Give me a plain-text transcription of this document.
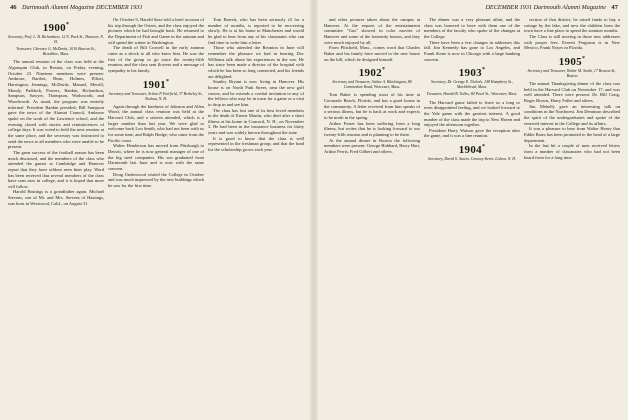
46 Dartmouth Alumni Magazine DECEMBER 1931
1900 *
Secretary, Prof. L. B. Richardson, 12 N. Park St., Hanover, N. H.
Treasurer, Clarence G. McDavitt, 1010 Beacon St., Brookline, Mass.

The annual reunion of the class was held at the Algonquin Club, in Boston, on Friday evening, October 23. Nineteen members were present: Ambrose, Bartlett, Bean, Holmes, Elliott, Harrington, Jennings, McDavitt, Manuel, Merrill, Mondy, Paddock, Powers, Rankin, Richardson, Sampson, Sawyer, Thompson, Wadsworth, and Woodworth. As usual, the program was entirely informal. President Rankin presided; Bill Sampson gave the news of the Alumni Council, Ambrose spoke on the work of the Lawrence school, and the evening closed with stories and reminiscences of college days. It was voted to hold the next reunion at the same place, and the secretary was instructed to send the news to all members who were unable to be present.

The great success of the football season has been much discussed, and the members of the class who attended the games at Cambridge and Hanover report that they have seldom seen finer play. Word has been received that several members of the class have sons now in college, and it is hoped that more will follow.

Harold Hastings is a grandfather again. Michael Stevens, son of Mr. and Mrs. Stevens of Hastings, was born in Westwood, Calif., on August 31.

On October 9, Harold Saxe told a brief account of his trip through the Orient, and the class enjoyed the pictures which he had brought back. He returned to the Department of Fish and Game in the autumn and will spend the winter in Washington.

The death of Bill Crowell in the early autumn came as a shock to all who knew him. He was the first of the group to go since the twenty-fifth reunion, and the class sent flowers and a message of sympathy to his family.

1901 *
Secretary and Treasurer, Arthur P. Fairfield, 37 Berkeley St., Nashua, N. H.

Again through the kindness of Johnson and Allen Wood, the annual class reunion was held at the Harvard Club, and a sixteen attended, which is a larger number than last year. We were glad to welcome back Lou Smith, who had not been with us for some time, and Ralph Hodge, who came from the Pacific coast.

Walter Henderson has moved from Pittsburgh to Detroit, where he is now general manager of one of the big steel companies. His son graduated from Dartmouth last June and is now with the same concern.

Doug Underwood visited the College in October and was much impressed by the new buildings which he saw for the first time.

Tom Barrett, who has been seriously ill for a number of months, is reported to be recovering slowly. He is at his home in Manchester and would be glad to hear from any of his classmates who can find time to write him a letter.

Those who attended the Reunion in June will remember the pleasure we had in hearing Doc Williams talk about his experiences in the war. He has since been made a director of the hospital with which he has been so long connected, and his friends are delighted.

Stanley Bryant is now living in Hanover. His house is on North Park Street, near the new golf course, and he extends a cordial invitation to any of the fellows who may be in town for a game or a visit to drop in and see him.

The class has lost one of its best loved members in the death of Ernest Martin, who died after a short illness at his home in Concord, N. H., on November 3. He had been in the insurance business for thirty years and was widely known throughout the state.

It is good to know that the class is well represented in the freshman group, and that the fund for the scholarship grows each year.

DECEMBER 1931 Dartmouth Alumni Magazine 47

and other pictures taken about the campus at Hanover. At the request of the entertainment committee "Gus" showed in color movies of Hanover and some of the fraternity houses, and they were much enjoyed by all.

From Pittsfield, Mass., comes word that Charles Baker and his family have moved to the new house on the hill, which he designed himself.

1902 *
Secretary and Treasurer, Arthur A. Blackington, 84 Commodore Road, Worcester, Mass.

Tom Baker is spending most of his time at Coronado Beach, Florida, and has a good house in the community. A letter received from him speaks of a serious illness, but he is back at work and expects to be north in the spring.

Arthur Foster has been suffering from a long illness, but writes that he is looking forward to our twenty-fifth reunion and is planning to be there.

At the annual dinner in Boston the following members were present: George Hubbard, Harry Hart, Arthur Ferris, Fred Gilbert and others.

The dinner was a very pleasant affair, and the class was honored to have with them one of the members of the faculty who spoke of the changes at the College.

There have been a few changes in addresses this fall. Jim Kennedy has gone to Los Angeles, and Frank Stone is now in Chicago with a large banking concern.

1903 *
Secretary, Dr. George E. Nichols, 148 Humphrey St., Marblehead, Mass.
Treasurer, Harold B. Tolles, 84 Pearl St., Worcester, Mass.

The Harvard game failed to leave us a long or even disappointed feeling, and we looked forward to the Yale game with the greatest interest. A good number of the class made the trip to New Haven and enjoyed the afternoon together.

President Harry Watson gave the reception after the game, and it was a fine reunion.

1904 *
Secretary, David S. Austin, Conway Street, Lisbon, N. H.

section of that district, he raised funds to buy a cottage by the lake, and now the children from the town have a fine place to spend the summer months.

The Class is still moving in those new addresses with proper fees. Everett Ferguson is in New Mexico, Frank Noyes in Florida.

1905 *
Secretary and Treasurer, Walter M. Smith, 17 Beacon St., Boston

The annual Thanksgiving dinner of the class was held in the Harvard Club on November 17, and was well attended. There were present: Dr. Bill Craig, Roger Brown, Harry Fuller and others.

Jim Mehelly gave an interesting talk on conditions in the Northwest. Jim Dennison described the spirit of the undergraduates and spoke of the renewed interest in the College and its affairs.

It was a pleasure to hear from Walter Henry that Eddie Bates has been promoted to the head of a large department.

In the last bit a couple of men received letters from a number of classmates who had not been heard from for a long time.
